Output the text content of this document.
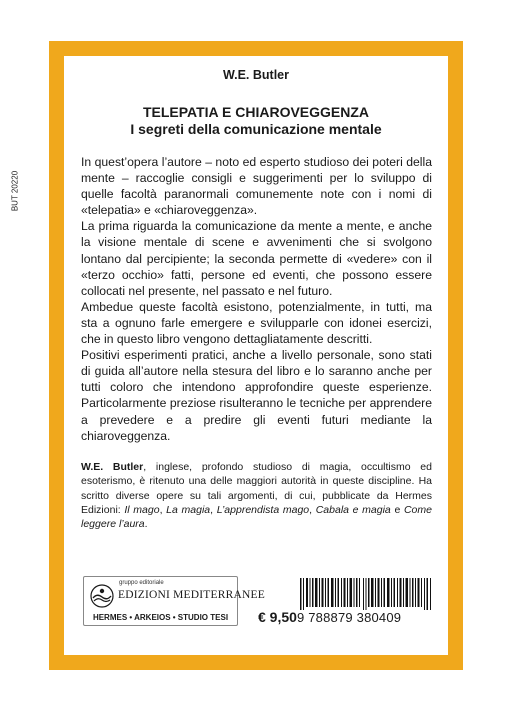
BUT 20220
W.E. Butler
TELEPATIA E CHIAROVEGGENZA
I segreti della comunicazione mentale

In quest’opera l’autore – noto ed esperto studioso dei poteri della mente – raccoglie consigli e suggerimenti per lo sviluppo di quelle facoltà paranormali comunemente note con i nomi di «telepatia» e «chiaroveggenza».

La prima riguarda la comunicazione da mente a mente, e anche la visione mentale di scene e avvenimenti che si svolgono lontano dal percipiente; la seconda permette di «vedere» con il «terzo occhio» fatti, persone ed eventi, che possono essere collocati nel presente, nel passato e nel futuro.

Ambedue queste facoltà esistono, potenzialmente, in tutti, ma sta a ognuno farle emergere e svilupparle con idonei esercizi, che in questo libro vengono dettagliatamente descritti.

Positivi esperimenti pratici, anche a livello personale, sono stati di guida all’autore nella stesura del libro e lo saranno anche per tutti coloro che intendono approfondire queste esperienze. Particolarmente preziose risulteranno le tecniche per apprendere a prevedere e a predire gli eventi futuri mediante la chiaroveggenza.

W.E. Butler, inglese, profondo studioso di magia, occultismo ed esoterismo, è ritenuto una delle maggiori autorità in queste discipline. Ha scritto diverse opere su tali argomenti, di cui, pubblicate da Hermes Edizioni: Il mago, La magia, L’apprendista mago, Cabala e magia e Come leggere l’aura.
gruppo editoriale
EDIZIONI MEDITERRANEE
HERMES • ARKEIOS • STUDIO TESI	€ 9,50 9 788879 380409
